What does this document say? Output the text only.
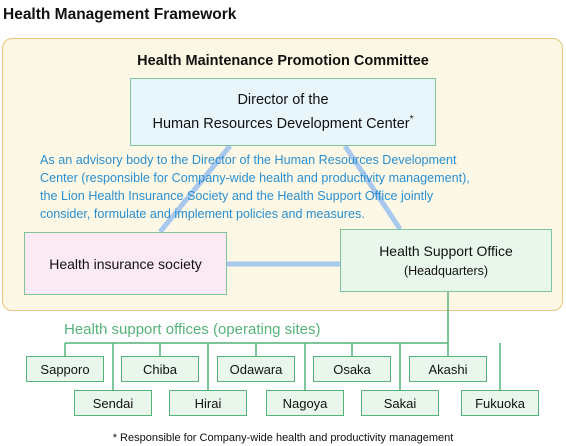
Health Management Framework
Health Maintenance Promotion Committee
Director of the
Human Resources Development Center*
As an advisory body to the Director of the Human Resources Development
Center (responsible for Company-wide health and productivity management),
the Lion Health Insurance Society and the Health Support Office jointly
consider, formulate and implement policies and measures.
Health insurance society
Health Support Office
(Headquarters)
Health support offices (operating sites)
Sapporo	Chiba	Odawara	Osaka	Akashi
Sendai	Hirai	Nagoya	Sakai	Fukuoka
* Responsible for Company-wide health and productivity management
